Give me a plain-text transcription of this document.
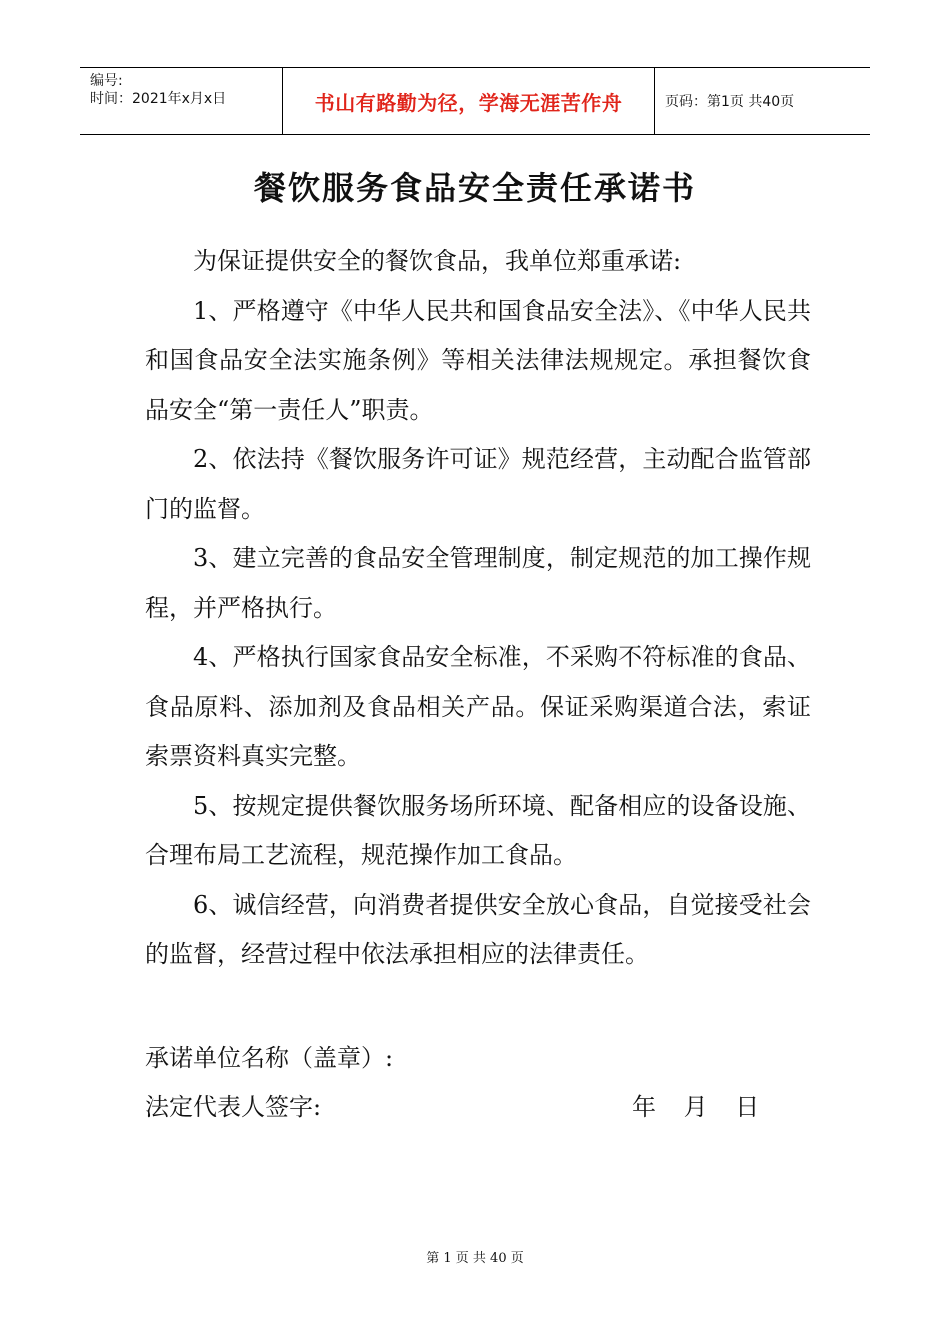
编号:
时间：2021年x月x日	书山有路勤为径，学海无涯苦作舟	页码：第1页 共40页
餐饮服务食品安全责任承诺书

为保证提供安全的餐饮食品，我单位郑重承诺:

1、严格遵守《中华人民共和国食品安全法》、《中华人民共和国食品安全法实施条例》等相关法律法规规定。承担餐饮食品安全“第一责任人”职责。

2、依法持《餐饮服务许可证》规范经营，主动配合监管部门的监督。

3、建立完善的食品安全管理制度，制定规范的加工操作规程，并严格执行。

4、严格执行国家食品安全标准，不采购不符标准的食品、食品原料、添加剂及食品相关产品。保证采购渠道合法，索证索票资料真实完整。

5、按规定提供餐饮服务场所环境、配备相应的设备设施、合理布局工艺流程，规范操作加工食品。

6、诚信经营，向消费者提供安全放心食品，自觉接受社会的监督，经营过程中依法承担相应的法律责任。

承诺单位名称（盖章）:
法定代表人签字:	年 月 日
第 1 页 共 40 页
